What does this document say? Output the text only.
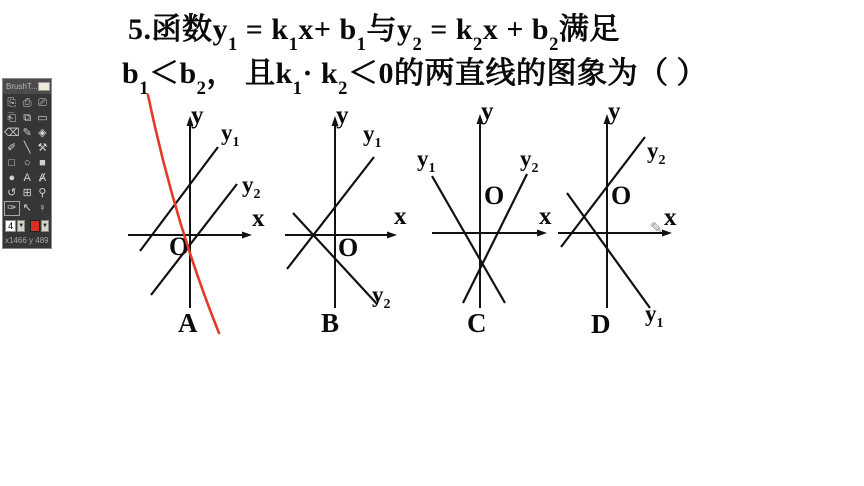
5.函数$y_1 = k_1x+ b_1$与$y_2 = k_2x + b_2$满足
$b_1<b_2$， 且$k_1\cdot k_2<0$的两直线的图象为（ ）
y
x
O
$y_1$
$y_2$
A
y
x
O
$y_1$
$y_2$
B
y
x
O
$y_1$	$y_2$
C
y
x
O
$y_1$
$y_2$
D
✎
BrushT...
⎘ ⎙ ⎚
⎗ ⧉ ▭
⌫ ✎ ◈
✐ ╲ ⚒
□ ○ ■
● A Ⱥ
↺ ⊞ ⚲
✑ ↖ ♀
4 ▼	▼
x1466 y 489
